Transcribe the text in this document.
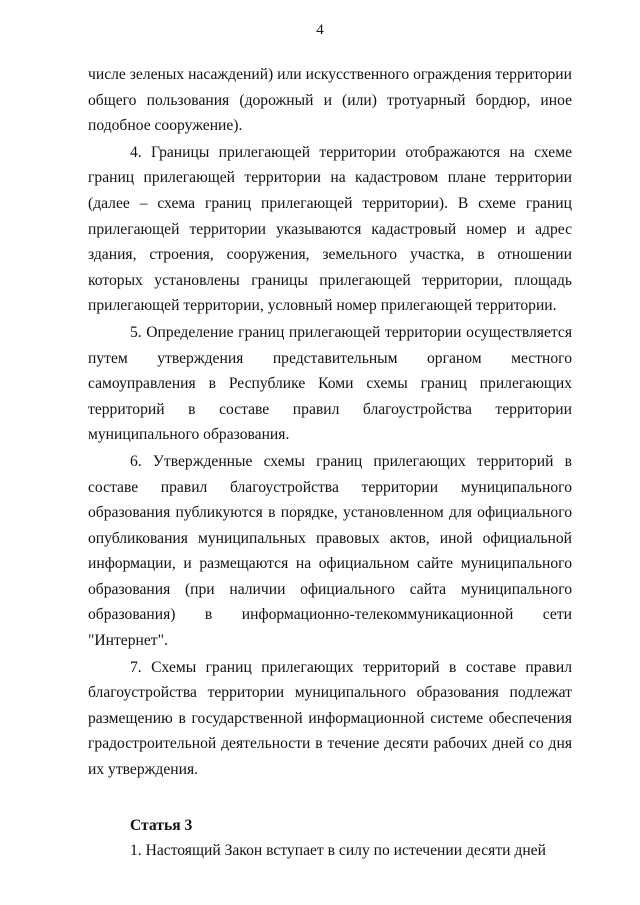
4

числе зеленых насаждений) или искусственного ограждения территории общего пользования (дорожный и (или) тротуарный бордюр, иное подобное сооружение).

4. Границы прилегающей территории отображаются на схеме границ прилегающей территории на кадастровом плане территории (далее – схема границ прилегающей территории). В схеме границ прилегающей территории указываются кадастровый номер и адрес здания, строения, сооружения, земельного участка, в отношении которых установлены границы прилегающей территории, площадь прилегающей территории, условный номер прилегающей территории.

5. Определение границ прилегающей территории осуществляется путем утверждения представительным органом местного самоуправления в Республике Коми схемы границ прилегающих территорий в составе правил благоустройства территории муниципального образования.

6. Утвержденные схемы границ прилегающих территорий в составе правил благоустройства территории муниципального образования публикуются в порядке, установленном для официального опубликования муниципальных правовых актов, иной официальной информации, и размещаются на официальном сайте муниципального образования (при наличии официального сайта муниципального образования) в информационно-телекоммуникационной сети "Интернет".

7. Схемы границ прилегающих территорий в составе правил благоустройства территории муниципального образования подлежат размещению в государственной информационной системе обеспечения градостроительной деятельности в течение десяти рабочих дней со дня их утверждения.

Статья 3

1. Настоящий Закон вступает в силу по истечении десяти дней
